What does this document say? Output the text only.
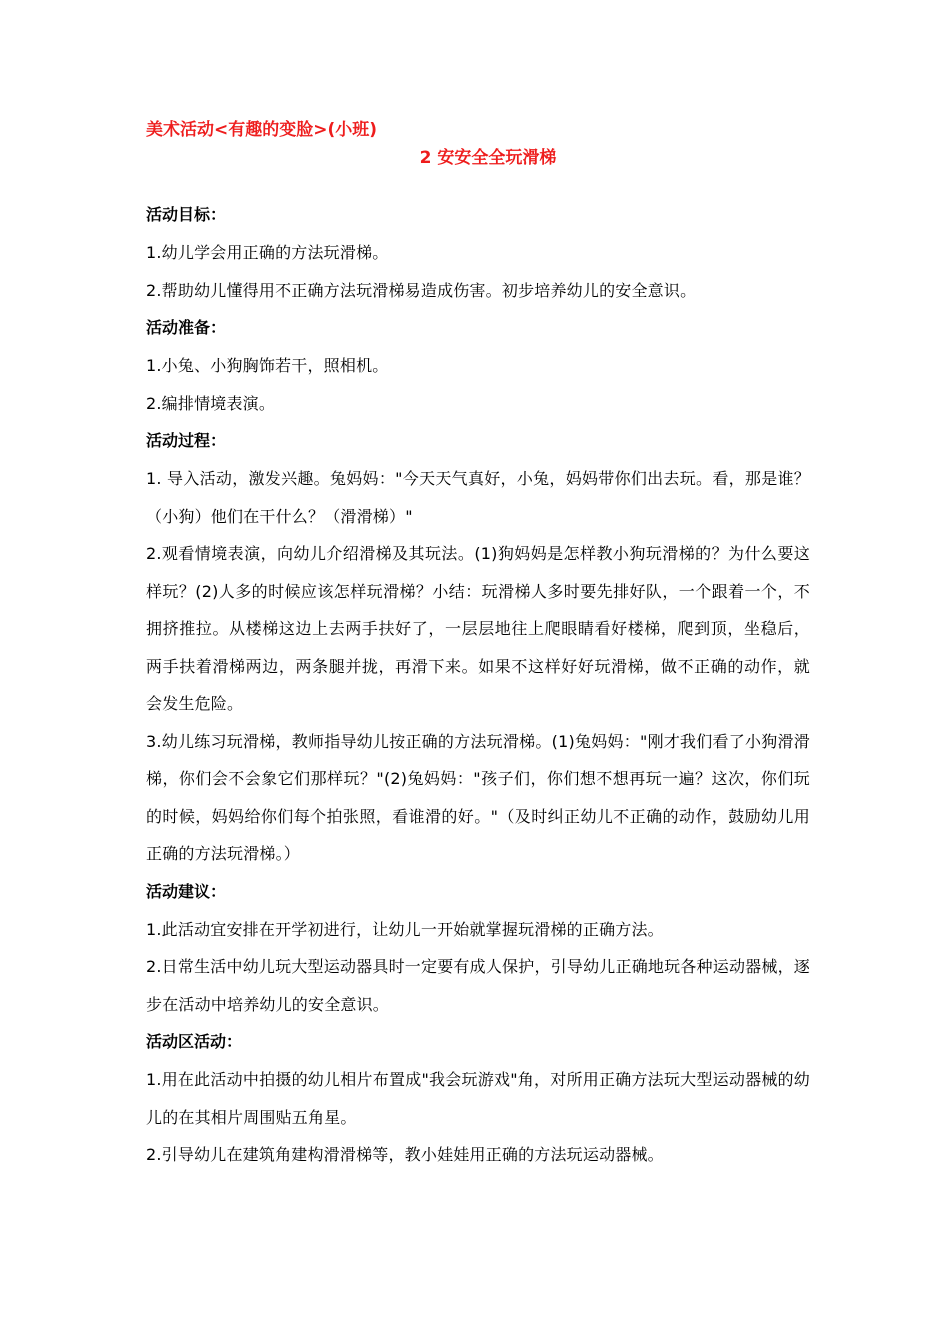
美术活动<有趣的变脸>(小班)

2 安安全全玩滑梯

活动目标：

1.幼儿学会用正确的方法玩滑梯。

2.帮助幼儿懂得用不正确方法玩滑梯易造成伤害。初步培养幼儿的安全意识。

活动准备：

1.小兔、小狗胸饰若干，照相机。

2.编排情境表演。

活动过程：

1. 导入活动，激发兴趣。兔妈妈："今天天气真好，小兔，妈妈带你们出去玩。看，那是谁？（小狗）他们在干什么？（滑滑梯）"

2.观看情境表演，向幼儿介绍滑梯及其玩法。(1)狗妈妈是怎样教小狗玩滑梯的？为什么要这样玩？(2)人多的时候应该怎样玩滑梯？小结：玩滑梯人多时要先排好队，一个跟着一个，不拥挤推拉。从楼梯这边上去两手扶好了，一层层地往上爬眼睛看好楼梯，爬到顶，坐稳后，两手扶着滑梯两边，两条腿并拢，再滑下来。如果不这样好好玩滑梯，做不正确的动作，就会发生危险。

3.幼儿练习玩滑梯，教师指导幼儿按正确的方法玩滑梯。(1)兔妈妈："刚才我们看了小狗滑滑梯，你们会不会象它们那样玩？"(2)兔妈妈："孩子们，你们想不想再玩一遍？这次，你们玩的时候，妈妈给你们每个拍张照，看谁滑的好。"（及时纠正幼儿不正确的动作，鼓励幼儿用正确的方法玩滑梯。）

活动建议：

1.此活动宜安排在开学初进行，让幼儿一开始就掌握玩滑梯的正确方法。

2.日常生活中幼儿玩大型运动器具时一定要有成人保护，引导幼儿正确地玩各种运动器械，逐步在活动中培养幼儿的安全意识。

活动区活动：

1.用在此活动中拍摄的幼儿相片布置成"我会玩游戏"角，对所用正确方法玩大型运动器械的幼儿的在其相片周围贴五角星。

2.引导幼儿在建筑角建构滑滑梯等，教小娃娃用正确的方法玩运动器械。
